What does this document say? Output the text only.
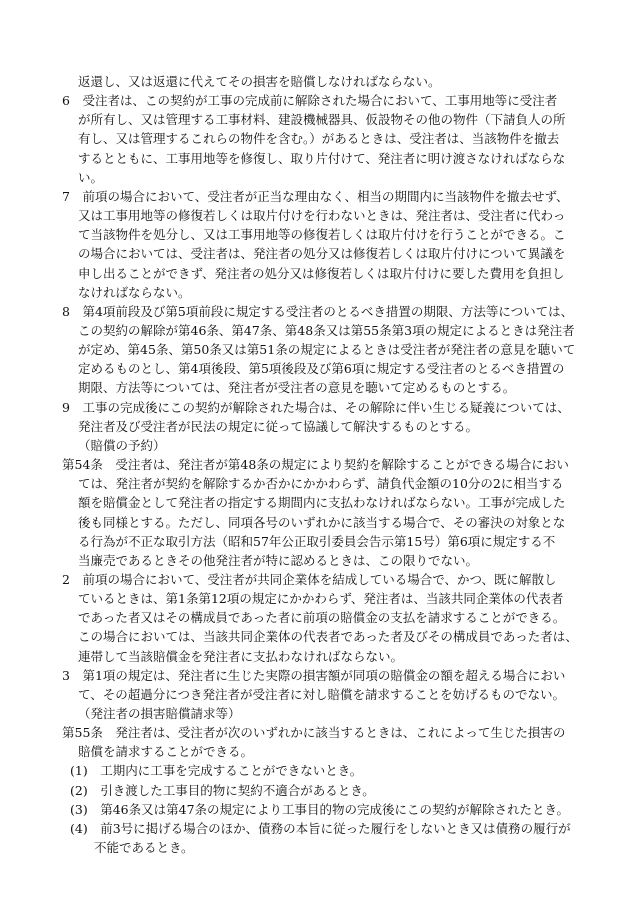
返還し、又は返還に代えてその損害を賠償しなければならない。
6　受注者は、この契約が工事の完成前に解除された場合において、工事用地等に受注者
が所有し、又は管理する工事材料、建設機械器具、仮設物その他の物件（下請負人の所
有し、又は管理するこれらの物件を含む。）があるときは、受注者は、当該物件を撤去
するとともに、工事用地等を修復し、取り片付けて、発注者に明け渡さなければならな
い。
7　前項の場合において、受注者が正当な理由なく、相当の期間内に当該物件を撤去せず、
又は工事用地等の修復若しくは取片付けを行わないときは、発注者は、受注者に代わっ
て当該物件を処分し、又は工事用地等の修復若しくは取片付けを行うことができる。こ
の場合においては、受注者は、発注者の処分又は修復若しくは取片付けについて異議を
申し出ることができず、発注者の処分又は修復若しくは取片付けに要した費用を負担し
なければならない。
8　第4項前段及び第5項前段に規定する受注者のとるべき措置の期限、方法等については、
この契約の解除が第46条、第47条、第48条又は第55条第3項の規定によるときは発注者
が定め、第45条、第50条又は第51条の規定によるときは受注者が発注者の意見を聴いて
定めるものとし、第4項後段、第5項後段及び第6項に規定する受注者のとるべき措置の
期限、方法等については、発注者が受注者の意見を聴いて定めるものとする。
9　工事の完成後にこの契約が解除された場合は、その解除に伴い生じる疑義については、
発注者及び受注者が民法の規定に従って協議して解決するものとする。
（賠償の予約）
第54条　受注者は、発注者が第48条の規定により契約を解除することができる場合におい
ては、発注者が契約を解除するか否かにかかわらず、請負代金額の10分の2に相当する
額を賠償金として発注者の指定する期間内に支払わなければならない。工事が完成した
後も同様とする。ただし、同項各号のいずれかに該当する場合で、その審決の対象とな
る行為が不正な取引方法（昭和57年公正取引委員会告示第15号）第6項に規定する不
当廉売であるときその他発注者が特に認めるときは、この限りでない。
2　前項の場合において、受注者が共同企業体を結成している場合で、かつ、既に解散し
ているときは、第1条第12項の規定にかかわらず、発注者は、当該共同企業体の代表者
であった者又はその構成員であった者に前項の賠償金の支払を請求することができる。
この場合においては、当該共同企業体の代表者であった者及びその構成員であった者は、
連帯して当該賠償金を発注者に支払わなければならない。
3　第1項の規定は、発注者に生じた実際の損害額が同項の賠償金の額を超える場合におい
て、その超過分につき発注者が受注者に対し賠償を請求することを妨げるものでない。
（発注者の損害賠償請求等）
第55条　発注者は、受注者が次のいずれかに該当するときは、これによって生じた損害の
賠償を請求することができる。
(1)　工期内に工事を完成することができないとき。
(2)　引き渡した工事目的物に契約不適合があるとき。
(3)　第46条又は第47条の規定により工事目的物の完成後にこの契約が解除されたとき。
(4)　前3号に掲げる場合のほか、債務の本旨に従った履行をしないとき又は債務の履行が
不能であるとき。
